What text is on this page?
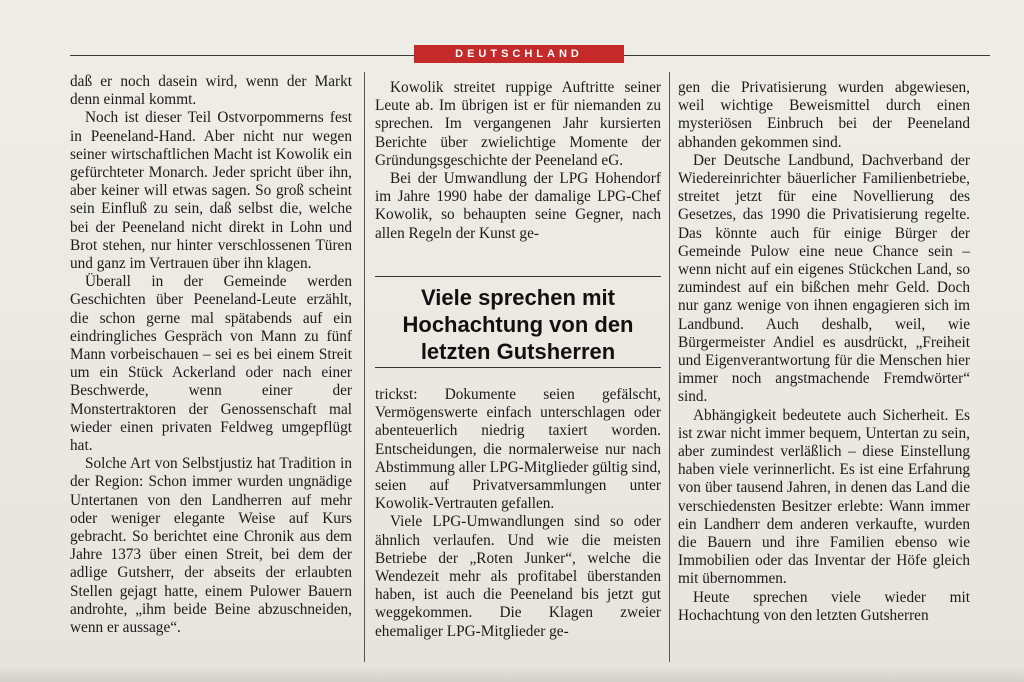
DEUTSCHLAND

daß er noch dasein wird, wenn der Markt denn einmal kommt.

Noch ist dieser Teil Ostvorpommerns fest in Peeneland-Hand. Aber nicht nur wegen seiner wirtschaftlichen Macht ist Kowolik ein gefürchteter Monarch. Jeder spricht über ihn, aber keiner will etwas sagen. So groß scheint sein Einfluß zu sein, daß selbst die, welche bei der Peeneland nicht direkt in Lohn und Brot stehen, nur hinter verschlossenen Türen und ganz im Vertrauen über ihn klagen.

Überall in der Gemeinde werden Geschichten über Peeneland-Leute erzählt, die schon gerne mal spätabends auf ein eindringliches Gespräch von Mann zu fünf Mann vorbeischauen – sei es bei einem Streit um ein Stück Ackerland oder nach einer Beschwerde, wenn einer der Monstertraktoren der Genossenschaft mal wieder einen privaten Feldweg umgepflügt hat.

Solche Art von Selbstjustiz hat Tradition in der Region: Schon immer wurden ungnädige Untertanen von den Landherren auf mehr oder weniger elegante Weise auf Kurs gebracht. So berichtet eine Chronik aus dem Jahre 1373 über einen Streit, bei dem der adlige Gutsherr, der abseits der erlaubten Stellen gejagt hatte, einem Pulower Bauern androhte, „ihm beide Beine abzuschneiden, wenn er aussage“.

Kowolik streitet ruppige Auftritte seiner Leute ab. Im übrigen ist er für niemanden zu sprechen. Im vergangenen Jahr kursierten Berichte über zwielichtige Momente der Gründungsgeschichte der Peeneland eG.

Bei der Umwandlung der LPG Hohendorf im Jahre 1990 habe der damalige LPG-Chef Kowolik, so behaupten seine Gegner, nach allen Regeln der Kunst ge-

Viele sprechen mit Hochachtung von den letzten Gutsherren

trickst: Dokumente seien gefälscht, Vermögenswerte einfach unterschlagen oder abenteuerlich niedrig taxiert worden. Entscheidungen, die normalerweise nur nach Abstimmung aller LPG-Mitglieder gültig sind, seien auf Privatversammlungen unter Kowolik-Vertrauten gefallen.

Viele LPG-Umwandlungen sind so oder ähnlich verlaufen. Und wie die meisten Betriebe der „Roten Junker“, welche die Wendezeit mehr als profitabel überstanden haben, ist auch die Peeneland bis jetzt gut weggekommen. Die Klagen zweier ehemaliger LPG-Mitglieder ge-

gen die Privatisierung wurden abgewiesen, weil wichtige Beweismittel durch einen mysteriösen Einbruch bei der Peeneland abhanden gekommen sind.

Der Deutsche Landbund, Dachverband der Wiedereinrichter bäuerlicher Familienbetriebe, streitet jetzt für eine Novellierung des Gesetzes, das 1990 die Privatisierung regelte. Das könnte auch für einige Bürger der Gemeinde Pulow eine neue Chance sein – wenn nicht auf ein eigenes Stückchen Land, so zumindest auf ein bißchen mehr Geld. Doch nur ganz wenige von ihnen engagieren sich im Landbund. Auch deshalb, weil, wie Bürgermeister Andiel es ausdrückt, „Freiheit und Eigenverantwortung für die Menschen hier immer noch angstmachende Fremdwörter“ sind.

Abhängigkeit bedeutete auch Sicherheit. Es ist zwar nicht immer bequem, Untertan zu sein, aber zumindest verläßlich – diese Einstellung haben viele verinnerlicht. Es ist eine Erfahrung von über tausend Jahren, in denen das Land die verschiedensten Besitzer erlebte: Wann immer ein Landherr dem anderen verkaufte, wurden die Bauern und ihre Familien ebenso wie Immobilien oder das Inventar der Höfe gleich mit übernommen.

Heute sprechen viele wieder mit Hochachtung von den letzten Gutsherren
